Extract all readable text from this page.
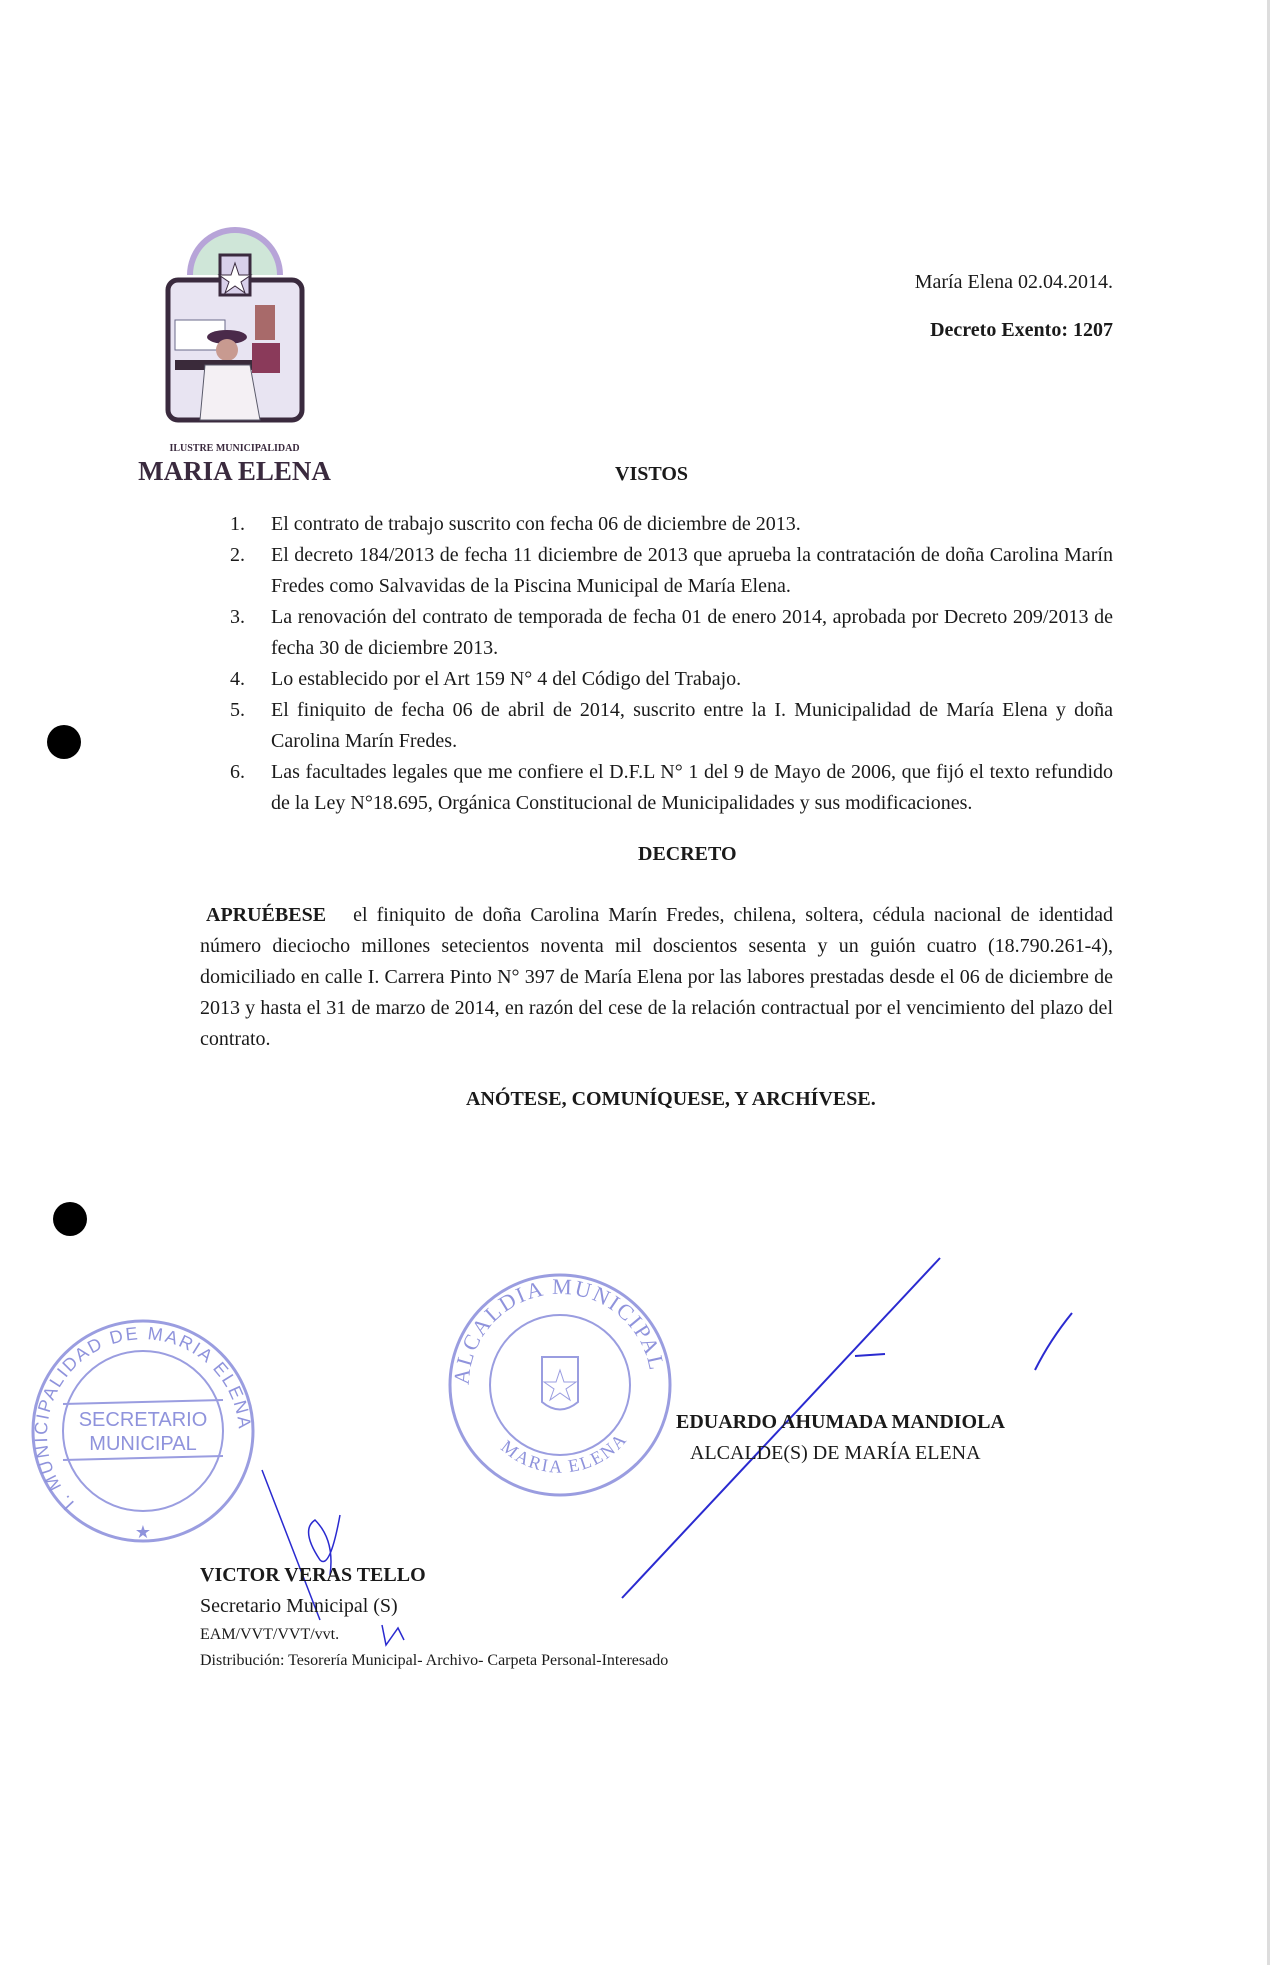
ILUSTRE MUNICIPALIDAD
MARIA ELENA
María Elena 02.04.2014.
Decreto Exento: 1207
VISTOS
1. El contrato de trabajo suscrito con fecha 06 de diciembre de 2013.
2. El decreto 184/2013 de fecha 11 diciembre de 2013 que aprueba la contratación de doña Carolina Marín Fredes como Salvavidas de la Piscina Municipal de María Elena.
3. La renovación del contrato de temporada de fecha 01 de enero 2014, aprobada por Decreto 209/2013 de fecha 30 de diciembre 2013.
4. Lo establecido por el Art 159 N° 4 del Código del Trabajo.
5. El finiquito de fecha 06 de abril de 2014, suscrito entre la I. Municipalidad de María Elena y doña Carolina Marín Fredes.
6. Las facultades legales que me confiere el D.F.L N° 1 del 9 de Mayo de 2006, que fijó el texto refundido de la Ley N°18.695, Orgánica Constitucional de Municipalidades y sus modificaciones.
DECRETO
APRUÉBESE   el finiquito de doña Carolina Marín Fredes, chilena, soltera, cédula nacional de identidad número dieciocho millones setecientos noventa mil doscientos sesenta y un guión cuatro (18.790.261-4), domiciliado en calle I. Carrera Pinto N° 397 de María Elena por las labores prestadas desde el 06 de diciembre de 2013 y hasta el 31 de marzo de 2014, en razón del cese de la relación contractual por el vencimiento del plazo del contrato.
ANÓTESE, COMUNÍQUESE, Y ARCHÍVESE.
ALCALDIA MUNICIPAL
MARIA ELENA
I. MUNICIPALIDAD DE MARIA ELENA
SECRETARIO
MUNICIPAL
★
EDUARDO AHUMADA MANDIOLA
ALCALDE(S) DE MARÍA ELENA
VICTOR VERAS TELLO
Secretario Municipal (S)
EAM/VVT/VVT/vvt.
Distribución: Tesorería Municipal- Archivo- Carpeta Personal-Interesado
